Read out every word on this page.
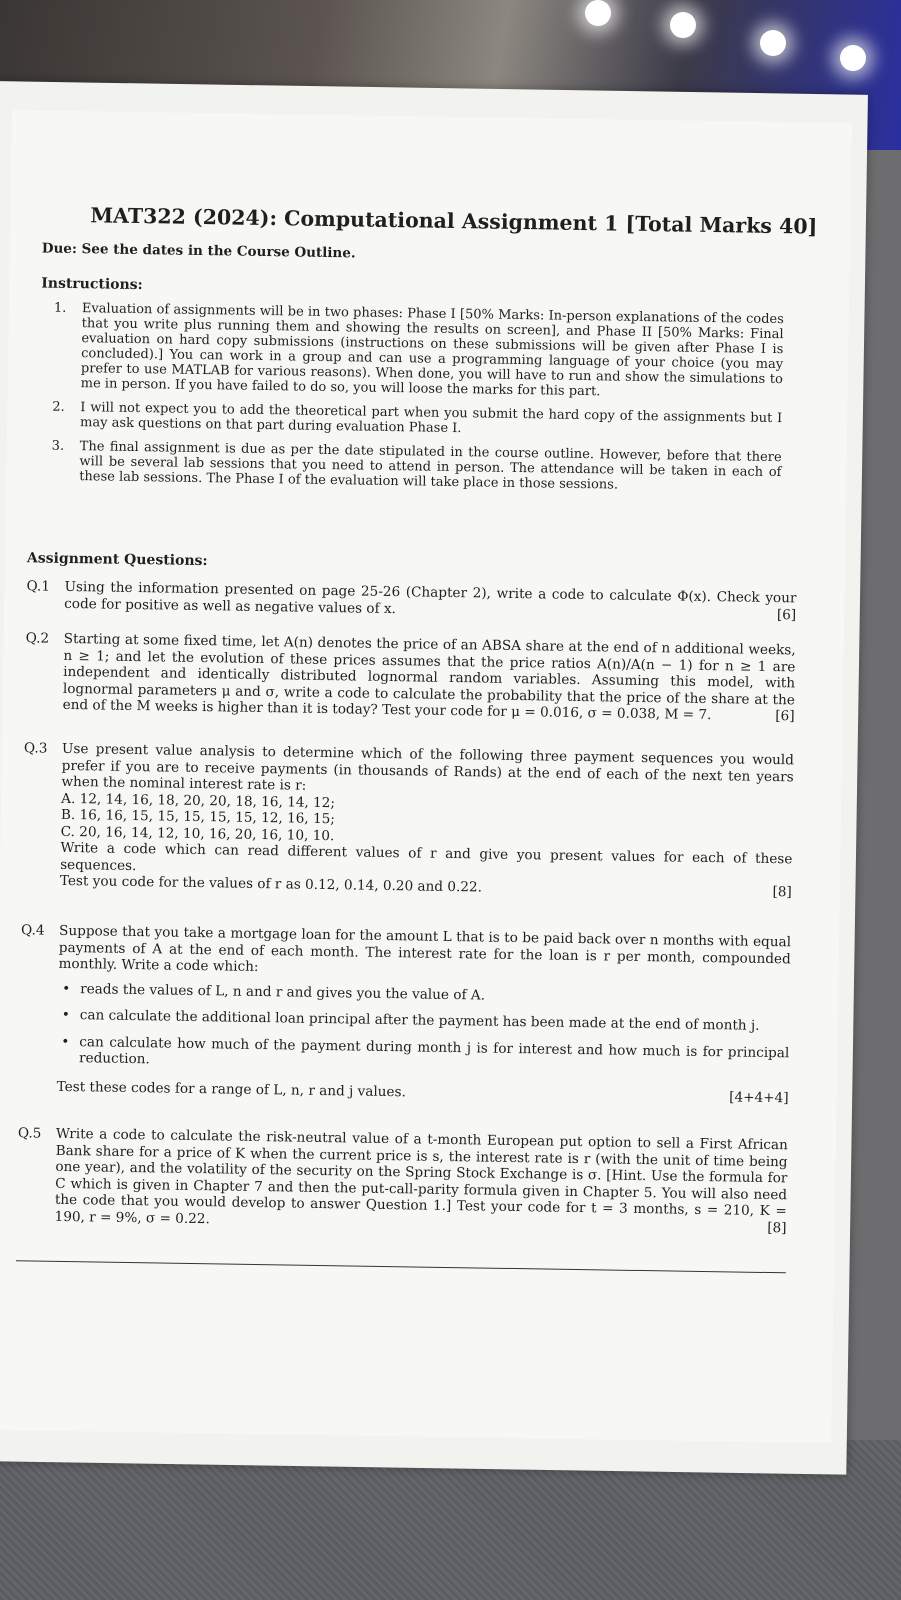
MAT322 (2024): Computational Assignment 1 [Total Marks 40]
Due: See the dates in the Course Outline.
Instructions:
1. Evaluation of assignments will be in two phases: Phase I [50% Marks: In-person explanations of the codes that you write plus running them and showing the results on screen], and Phase II [50% Marks: Final evaluation on hard copy submissions (instructions on these submissions will be given after Phase I is concluded).] You can work in a group and can use a programming language of your choice (you may prefer to use MATLAB for various reasons). When done, you will have to run and show the simulations to me in person. If you have failed to do so, you will loose the marks for this part.
2. I will not expect you to add the theoretical part when you submit the hard copy of the assignments but I may ask questions on that part during evaluation Phase I.
3. The final assignment is due as per the date stipulated in the course outline. However, before that there will be several lab sessions that you need to attend in person. The attendance will be taken in each of these lab sessions. The Phase I of the evaluation will take place in those sessions.
Assignment Questions:
Q.1	Using the information presented on page 25-26 (Chapter 2), write a code to calculate Φ(x). Check your code for positive as well as negative values of x.	[6]
Q.2	Starting at some fixed time, let A(n) denotes the price of an ABSA share at the end of n additional weeks, n ≥ 1; and let the evolution of these prices assumes that the price ratios A(n)/A(n − 1) for n ≥ 1 are independent and identically distributed lognormal random variables. Assuming this model, with lognormal parameters μ and σ, write a code to calculate the probability that the price of the share at the end of the M weeks is higher than it is today? Test your code for μ = 0.016, σ = 0.038, M = 7.	[6]
Q.3	Use present value analysis to determine which of the following three payment sequences you would prefer if you are to receive payments (in thousands of Rands) at the end of each of the next ten years when the nominal interest rate is r:
A. 12, 14, 16, 18, 20, 20, 18, 16, 14, 12;
B. 16, 16, 15, 15, 15, 15, 15, 12, 16, 15;
C. 20, 16, 14, 12, 10, 16, 20, 16, 10, 10.
Write a code which can read different values of r and give you present values for each of these sequences.
Test you code for the values of r as 0.12, 0.14, 0.20 and 0.22.	[8]
Q.4	Suppose that you take a mortgage loan for the amount L that is to be paid back over n months with equal payments of A at the end of each month. The interest rate for the loan is r per month, compounded monthly. Write a code which:
• reads the values of L, n and r and gives you the value of A.
• can calculate the additional loan principal after the payment has been made at the end of month j.
• can calculate how much of the payment during month j is for interest and how much is for principal reduction.
Test these codes for a range of L, n, r and j values.	[4+4+4]
Q.5	Write a code to calculate the risk-neutral value of a t-month European put option to sell a First African Bank share for a price of K when the current price is s, the interest rate is r (with the unit of time being one year), and the volatility of the security on the Spring Stock Exchange is σ. [Hint. Use the formula for C which is given in Chapter 7 and then the put-call-parity formula given in Chapter 5. You will also need the code that you would develop to answer Question 1.] Test your code for t = 3 months, s = 210, K = 190, r = 9%, σ = 0.22.
[8]
